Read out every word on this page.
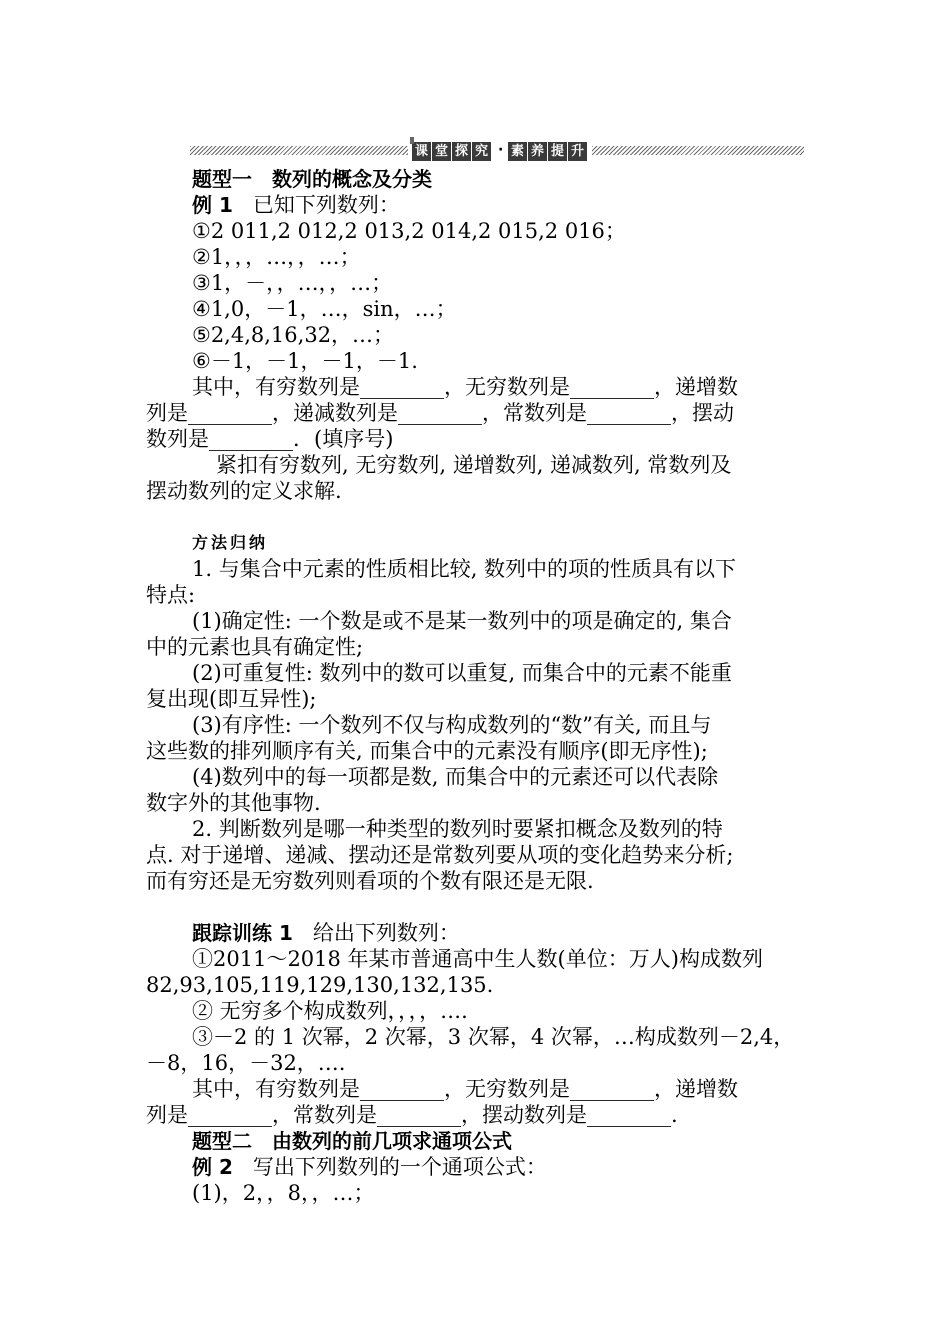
课 堂 探 究 · 素 养 提 升
题型一　数列的概念及分类
例 1 已知下列数列：
①2 011,2 012,2 013,2 014,2 015,2 016；
②1，，，…，，…；
③1，－，，…，，…；
④1,0，－1，…，sin，…；
⑤2,4,8,16,32，…；
⑥－1，－1，－1，－1.
其中，有穷数列是________，无穷数列是________，递增数
列是________，递减数列是________，常数列是________，摆动
数列是________．(填序号)
紧扣有穷数列, 无穷数列, 递增数列, 递减数列, 常数列及
摆动数列的定义求解.
方法归纳
1. 与集合中元素的性质相比较, 数列中的项的性质具有以下
特点:
(1)确定性: 一个数是或不是某一数列中的项是确定的, 集合
中的元素也具有确定性;
(2)可重复性: 数列中的数可以重复, 而集合中的元素不能重
复出现(即互异性);
(3)有序性: 一个数列不仅与构成数列的“数”有关, 而且与
这些数的排列顺序有关, 而集合中的元素没有顺序(即无序性);
(4)数列中的每一项都是数, 而集合中的元素还可以代表除
数字外的其他事物.
2. 判断数列是哪一种类型的数列时要紧扣概念及数列的特
点. 对于递增、递减、摆动还是常数列要从项的变化趋势来分析;
而有穷还是无穷数列则看项的个数有限还是无限.
跟踪训练 1 给出下列数列：
①2011～2018 年某市普通高中生人数(单位：万人)构成数列
82,93,105,119,129,130,132,135.
② 无穷多个构成数列，，，，….
③－2 的 1 次幂，2 次幂，3 次幂，4 次幂，…构成数列－2,4，
－8，16，－32，….
其中，有穷数列是________，无穷数列是________，递增数
列是________，常数列是________，摆动数列是________.
题型二　由数列的前几项求通项公式
例 2 写出下列数列的一个通项公式：
(1)，2，，8，，…；
